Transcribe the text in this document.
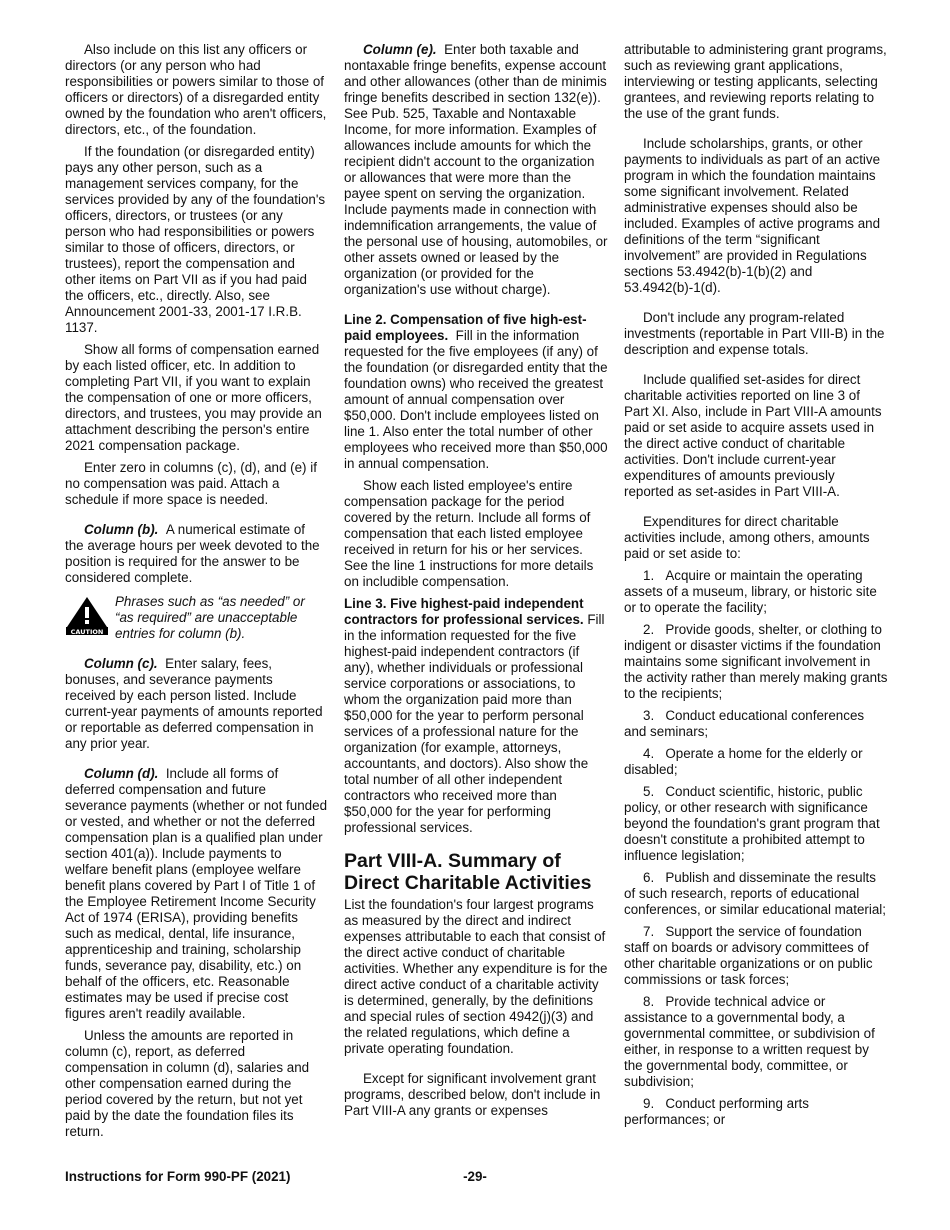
Also include on this list any officers or directors (or any person who had responsibilities or powers similar to those of officers or directors) of a disregarded entity owned by the foundation who aren't officers, directors, etc., of the foundation.

If the foundation (or disregarded entity) pays any other person, such as a management services company, for the services provided by any of the foundation's officers, directors, or trustees (or any person who had responsibilities or powers similar to those of officers, directors, or trustees), report the compensation and other items on Part VII as if you had paid the officers, etc., directly. Also, see Announcement 2001-33, 2001-17 I.R.B. 1137.

Show all forms of compensation earned by each listed officer, etc. In addition to completing Part VII, if you want to explain the compensation of one or more officers, directors, and trustees, you may provide an attachment describing the person's entire 2021 compensation package.

Enter zero in columns (c), (d), and (e) if no compensation was paid. Attach a schedule if more space is needed.

Column (b). A numerical estimate of the average hours per week devoted to the position is required for the answer to be considered complete.

CAUTION
Phrases such as “as needed” or “as required” are unacceptable entries for column (b).

Column (c). Enter salary, fees, bonuses, and severance payments received by each person listed. Include current-year payments of amounts reported or reportable as deferred compensation in any prior year.

Column (d). Include all forms of deferred compensation and future severance payments (whether or not funded or vested, and whether or not the deferred compensation plan is a qualified plan under section 401(a)). Include payments to welfare benefit plans (employee welfare benefit plans covered by Part I of Title 1 of the Employee Retirement Income Security Act of 1974 (ERISA), providing benefits such as medical, dental, life insurance, apprenticeship and training, scholarship funds, severance pay, disability, etc.) on behalf of the officers, etc. Reasonable estimates may be used if precise cost figures aren't readily available.

Unless the amounts are reported in column (c), report, as deferred compensation in column (d), salaries and other compensation earned during the period covered by the return, but not yet paid by the date the foundation files its return.

Column (e). Enter both taxable and nontaxable fringe benefits, expense account and other allowances (other than de minimis fringe benefits described in section 132(e)). See Pub. 525, Taxable and Nontaxable Income, for more information. Examples of allowances include amounts for which the recipient didn't account to the organization or allowances that were more than the payee spent on serving the organization. Include payments made in connection with indemnification arrangements, the value of the personal use of housing, automobiles, or other assets owned or leased by the organization (or provided for the organization's use without charge).

Line 2. Compensation of five high-est-paid employees. Fill in the information requested for the five employees (if any) of the foundation (or disregarded entity that the foundation owns) who received the greatest amount of annual compensation over $50,000. Don't include employees listed on line 1. Also enter the total number of other employees who received more than $50,000 in annual compensation.

Show each listed employee's entire compensation package for the period covered by the return. Include all forms of compensation that each listed employee received in return for his or her services. See the line 1 instructions for more details on includible compensation.

Line 3. Five highest-paid independent contractors for professional services. Fill in the information requested for the five highest-paid independent contractors (if any), whether individuals or professional service corporations or associations, to whom the organization paid more than $50,000 for the year to perform personal services of a professional nature for the organization (for example, attorneys, accountants, and doctors). Also show the total number of all other independent contractors who received more than $50,000 for the year for performing professional services.

Part VIII-A. Summary of Direct Charitable Activities

List the foundation's four largest programs as measured by the direct and indirect expenses attributable to each that consist of the direct active conduct of charitable activities. Whether any expenditure is for the direct active conduct of a charitable activity is determined, generally, by the definitions and special rules of section 4942(j)(3) and the related regulations, which define a private operating foundation.

Except for significant involvement grant programs, described below, don't include in Part VIII-A any grants or expenses

attributable to administering grant programs, such as reviewing grant applications, interviewing or testing applicants, selecting grantees, and reviewing reports relating to the use of the grant funds.

Include scholarships, grants, or other payments to individuals as part of an active program in which the foundation maintains some significant involvement. Related administrative expenses should also be included. Examples of active programs and definitions of the term “significant involvement” are provided in Regulations sections 53.4942(b)-1(b)(2) and 53.4942(b)-1(d).

Don't include any program-related investments (reportable in Part VIII-B) in the description and expense totals.

Include qualified set-asides for direct charitable activities reported on line 3 of Part XI. Also, include in Part VIII-A amounts paid or set aside to acquire assets used in the direct active conduct of charitable activities. Don't include current-year expenditures of amounts previously reported as set-asides in Part VIII-A.

Expenditures for direct charitable activities include, among others, amounts paid or set aside to:

1.   Acquire or maintain the operating assets of a museum, library, or historic site or to operate the facility;

2.   Provide goods, shelter, or clothing to indigent or disaster victims if the foundation maintains some significant involvement in the activity rather than merely making grants to the recipients;

3.   Conduct educational conferences and seminars;

4.   Operate a home for the elderly or disabled;

5.   Conduct scientific, historic, public policy, or other research with significance beyond the foundation's grant program that doesn't constitute a prohibited attempt to influence legislation;

6.   Publish and disseminate the results of such research, reports of educational conferences, or similar educational material;

7.   Support the service of foundation staff on boards or advisory committees of other charitable organizations or on public commissions or task forces;

8.   Provide technical advice or assistance to a governmental body, a governmental committee, or subdivision of either, in response to a written request by the governmental body, committee, or subdivision;

9.   Conduct performing arts performances; or

-29-
Instructions for Form 990-PF (2021)
